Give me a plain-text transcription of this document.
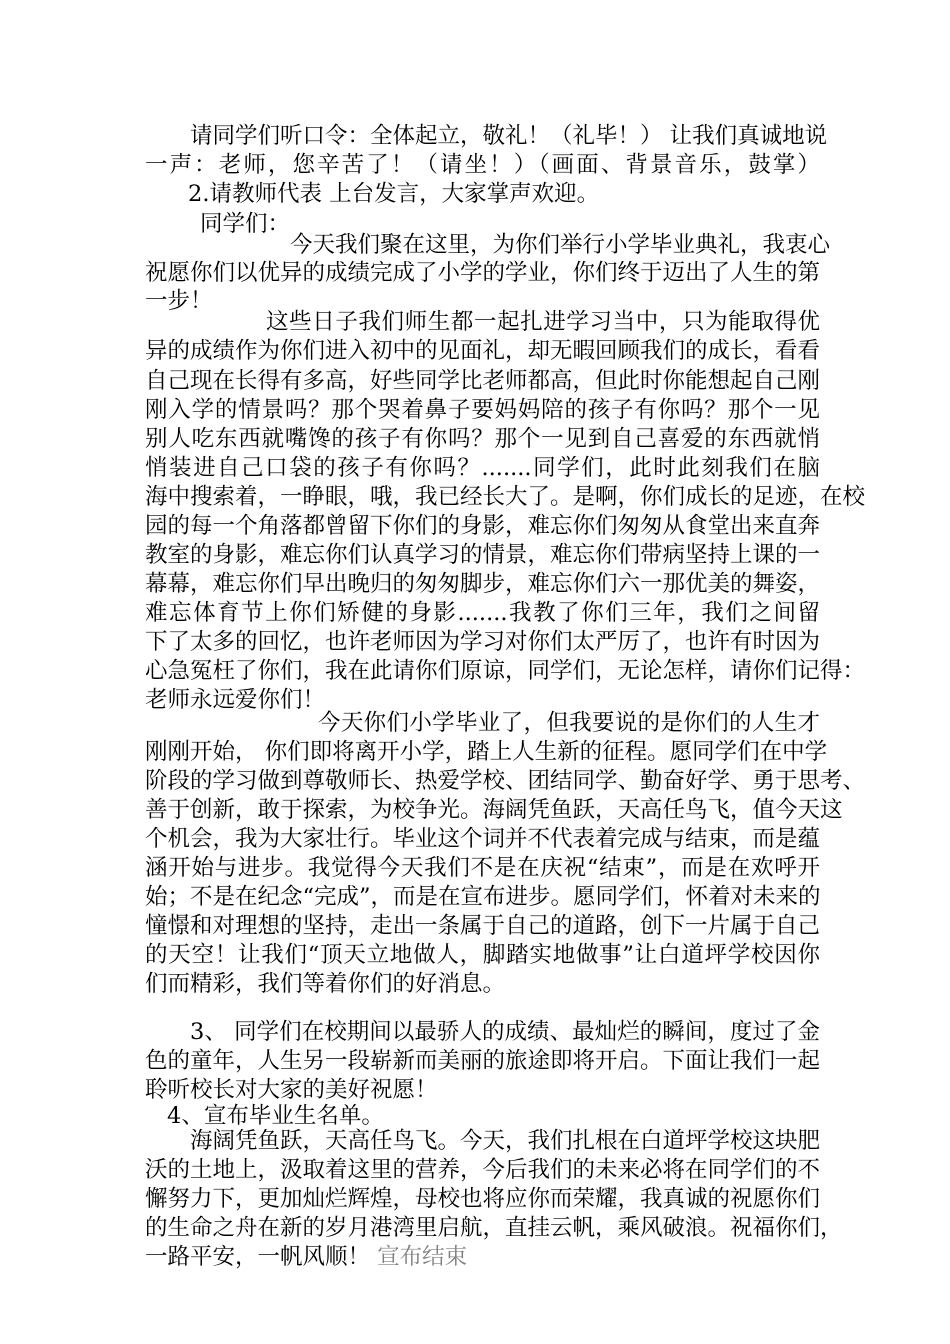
请同学们听口令：全体起立，敬礼！（礼毕！） 让我们真诚地说
一声：老师，您辛苦了！（请坐！）（画面、背景音乐，鼓掌）
2.请教师代表 上台发言，大家掌声欢迎。
同学们：
今天我们聚在这里，为你们举行小学毕业典礼，我衷心
祝愿你们以优异的成绩完成了小学的学业，你们终于迈出了人生的第
一步！
这些日子我们师生都一起扎进学习当中，只为能取得优
异的成绩作为你们进入初中的见面礼，却无暇回顾我们的成长，看看
自己现在长得有多高，好些同学比老师都高，但此时你能想起自己刚
刚入学的情景吗？那个哭着鼻子要妈妈陪的孩子有你吗？那个一见
别人吃东西就嘴馋的孩子有你吗？那个一见到自己喜爱的东西就悄
悄装进自己口袋的孩子有你吗？.......同学们，此时此刻我们在脑
海中搜索着，一睁眼，哦，我已经长大了。是啊，你们成长的足迹，在校
园的每一个角落都曾留下你们的身影，难忘你们匆匆从食堂出来直奔
教室的身影，难忘你们认真学习的情景，难忘你们带病坚持上课的一
幕幕，难忘你们早出晚归的匆匆脚步，难忘你们六一那优美的舞姿，
难忘体育节上你们矫健的身影.......我教了你们三年，我们之间留
下了太多的回忆，也许老师因为学习对你们太严厉了，也许有时因为
心急冤枉了你们，我在此请你们原谅，同学们，无论怎样，请你们记得：
老师永远爱你们！
今天你们小学毕业了，但我要说的是你们的人生才
刚刚开始， 你们即将离开小学，踏上人生新的征程。愿同学们在中学
阶段的学习做到尊敬师长、热爱学校、团结同学、勤奋好学、勇于思考、
善于创新，敢于探索，为校争光。海阔凭鱼跃，天高任鸟飞，值今天这
个机会，我为大家壮行。毕业这个词并不代表着完成与结束，而是蕴
涵开始与进步。我觉得今天我们不是在庆祝“结束”，而是在欢呼开
始；不是在纪念“完成”，而是在宣布进步。愿同学们，怀着对未来的
憧憬和对理想的坚持，走出一条属于自己的道路，创下一片属于自己
的天空！让我们“顶天立地做人，脚踏实地做事”让白道坪学校因你
们而精彩，我们等着你们的好消息。
3、 同学们在校期间以最骄人的成绩、最灿烂的瞬间，度过了金
色的童年，人生另一段崭新而美丽的旅途即将开启。下面让我们一起
聆听校长对大家的美好祝愿！
4、宣布毕业生名单。
海阔凭鱼跃，天高任鸟飞。今天，我们扎根在白道坪学校这块肥
沃的土地上，汲取着这里的营养，今后我们的未来必将在同学们的不
懈努力下，更加灿烂辉煌，母校也将应你而荣耀，我真诚的祝愿你们
的生命之舟在新的岁月港湾里启航，直挂云帆，乘风破浪。祝福你们，
一路平安，一帆风顺！ 宣布结束
